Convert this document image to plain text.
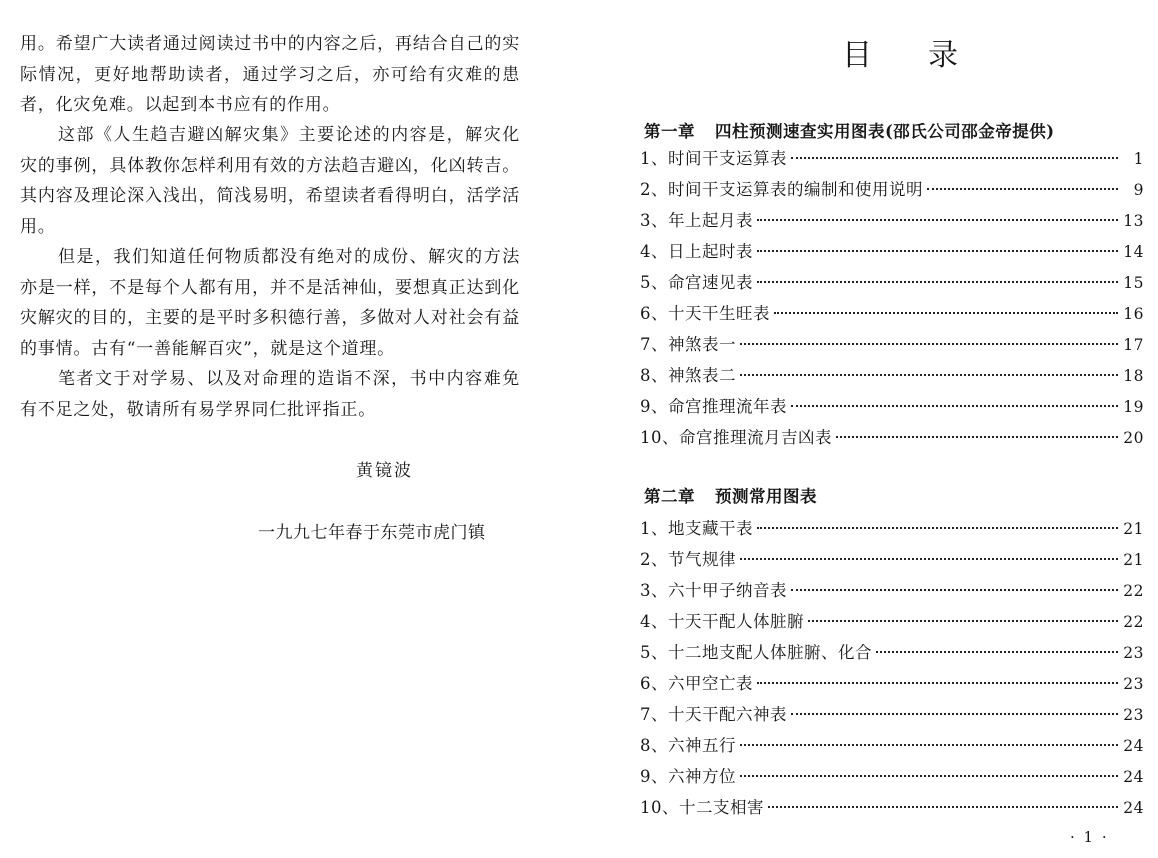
用。希望广大读者通过阅读过书中的内容之后，再结合自己的实际情况，更好地帮助读者，通过学习之后，亦可给有灾难的患者，化灾免难。以起到本书应有的作用。

这部《人生趋吉避凶解灾集》主要论述的内容是，解灾化灾的事例，具体教你怎样利用有效的方法趋吉避凶，化凶转吉。其内容及理论深入浅出，简浅易明，希望读者看得明白，活学活用。

但是，我们知道任何物质都没有绝对的成份、解灾的方法亦是一样，不是每个人都有用，并不是活神仙，要想真正达到化灾解灾的目的，主要的是平时多积德行善，多做对人对社会有益的事情。古有“一善能解百灾”，就是这个道理。

笔者文于对学易、以及对命理的造诣不深，书中内容难免有不足之处，敬请所有易学界同仁批评指正。

黄镜波
一九九七年春于东莞市虎门镇
目录
第一章 四柱预测速查实用图表(邵氏公司邵金帝提供)
1、时间干支运算表	1
2、时间干支运算表的编制和使用说明	9
3、年上起月表	13
4、日上起时表	14
5、命宫速见表	15
6、十天干生旺表	16
7、神煞表一	17
8、神煞表二	18
9、命宫推理流年表	19
10、命宫推理流月吉凶表	20
第二章 预测常用图表
1、地支藏干表	21
2、节气规律	21
3、六十甲子纳音表	22
4、十天干配人体脏腑	22
5、十二地支配人体脏腑、化合	23
6、六甲空亡表	23
7、十天干配六神表	23
8、六神五行	24
9、六神方位	24
10、十二支相害	24
· 1 ·
